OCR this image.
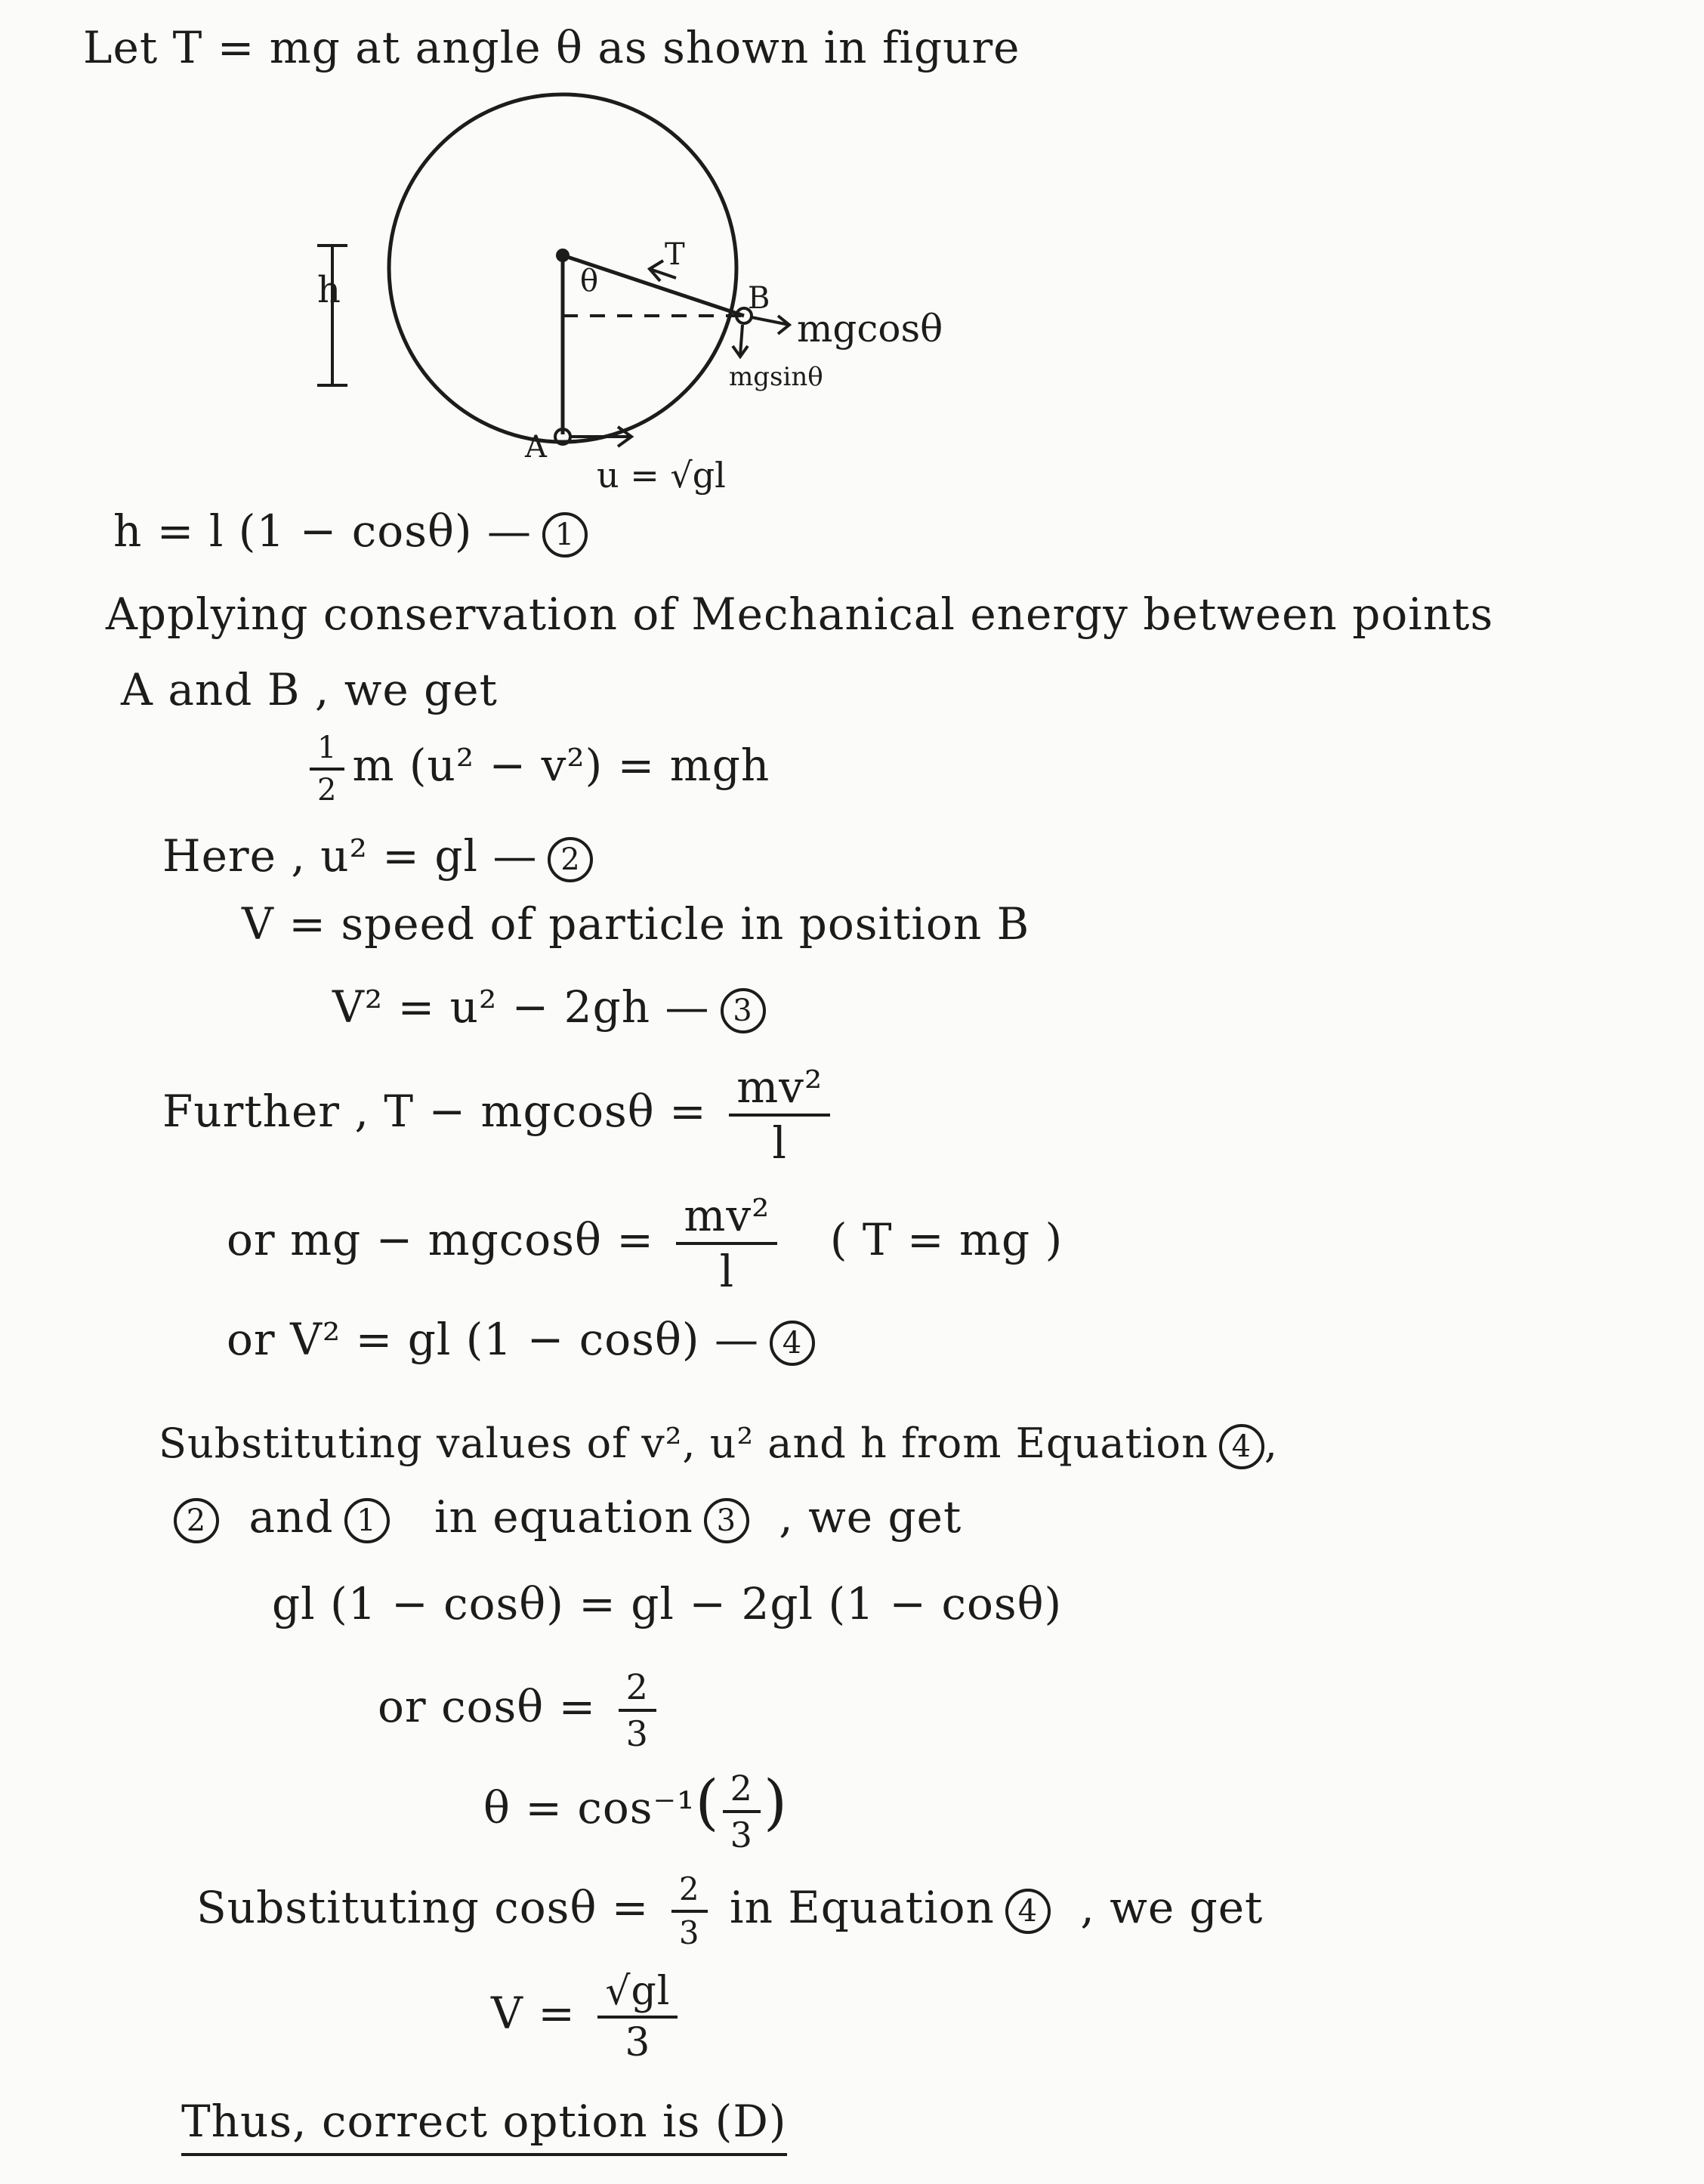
h	θ
T
B
A
mgcosθ
mgsinθ
u = √gl
Let T = mg at angle θ as shown in figure
h = l (1 − cosθ) — 1
Applying conservation of Mechanical energy between points
A and B , we get
$\frac{1}{2}$ m (u² − v²) = mgh
Here , u² = gl — 2
V = speed of particle in position B
V² = u² − 2gh — 3
Further , $T - mgcos\theta = \frac{\text{mv²}}{l}$
or mg − $mgcos\theta = \frac{\text{mv²}}{l}$ ( T = mg )
or V² = gl (1 − cosθ) — 4
Substituting values of v², u² and h from Equation 4 ,
2 and 1 in equation 3 , we get
gl (1 − cosθ) = gl − 2gl (1 − cosθ)
or $\cos\theta = \frac{2}{3}$
$\theta = \cos^{-1}( \frac{2}{3}$ )
Substituting $\cos\theta = \frac{2}{3}$ in Equation 4 , we get
$V = \frac{√gl}{3}$
Thus, correct option is (D)
